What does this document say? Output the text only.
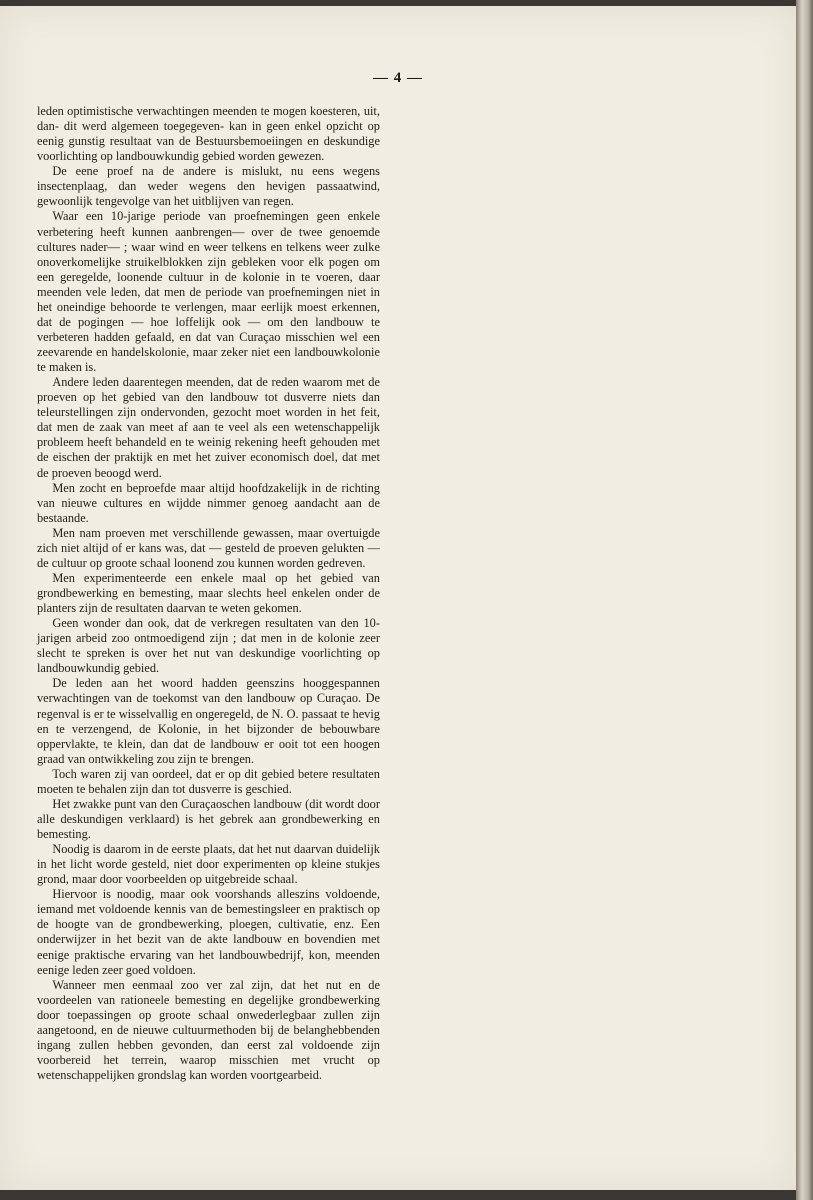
— 4 —

leden optimistische verwachtingen meenden te mogen koesteren, uit, dan- dit werd algemeen toegegeven- kan in geen enkel opzicht op eenig gunstig resultaat van de Bestuursbemoeiingen en deskundige voorlichting op landbouwkundig gebied worden gewezen.

De eene proef na de andere is mislukt, nu eens wegens insectenplaag, dan weder wegens den hevigen passaatwind, gewoonlijk tengevolge van het uitblijven van regen.

Waar een 10-jarige periode van proefnemingen geen enkele verbetering heeft kunnen aanbrengen— over de twee genoemde cultures nader— ; waar wind en weer telkens en telkens weer zulke onoverkomelijke struikelblokken zijn gebleken voor elk pogen om een geregelde, loonende cultuur in de kolonie in te voeren, daar meenden vele leden, dat men de periode van proefnemingen niet in het oneindige behoorde te verlengen, maar eerlijk moest erkennen, dat de pogingen — hoe loffelijk ook — om den landbouw te verbeteren hadden gefaald, en dat van Curaçao misschien wel een zeevarende en handelskolonie, maar zeker niet een landbouwkolonie te maken is.

Andere leden daarentegen meenden, dat de reden waarom met de proeven op het gebied van den landbouw tot dusverre niets dan teleurstellingen zijn ondervonden, gezocht moet worden in het feit, dat men de zaak van meet af aan te veel als een wetenschappelijk probleem heeft behandeld en te weinig rekening heeft gehouden met de eischen der praktijk en met het zuiver economisch doel, dat met de proeven beoogd werd.

Men zocht en beproefde maar altijd hoofdzakelijk in de richting van nieuwe cultures en wijdde nimmer genoeg aandacht aan de bestaande.

Men nam proeven met verschillende gewassen, maar overtuigde zich niet altijd of er kans was, dat — gesteld de proeven gelukten — de cultuur op groote schaal loonend zou kunnen worden gedreven.

Men experimenteerde een enkele maal op het gebied van grondbewerking en bemesting, maar slechts heel enkelen onder de planters zijn de resultaten daarvan te weten gekomen.

Geen wonder dan ook, dat de verkregen resultaten van den 10-jarigen arbeid zoo ontmoedigend zijn ; dat men in de kolonie zeer slecht te spreken is over het nut van deskundige voorlichting op landbouwkundig gebied.

De leden aan het woord hadden geenszins hooggespannen verwachtingen van de toekomst van den landbouw op Curaçao. De regenval is er te wisselvallig en ongeregeld, de N. O. passaat te hevig en te verzengend, de Kolonie, in het bijzonder de bebouwbare oppervlakte, te klein, dan dat de landbouw er ooit tot een hoogen graad van ontwikkeling zou zijn te brengen.

Toch waren zij van oordeel, dat er op dit gebied betere resultaten moeten te behalen zijn dan tot dusverre is geschied.

Het zwakke punt van den Curaçaoschen landbouw (dit wordt door alle deskundigen verklaard) is het gebrek aan grondbewerking en bemesting.

Noodig is daarom in de eerste plaats, dat het nut daarvan duidelijk in het licht worde gesteld, niet door experimenten op kleine stukjes grond, maar door voorbeelden op uitgebreide schaal.

Hiervoor is noodig, maar ook voorshands alleszins voldoende, iemand met voldoende kennis van de bemestingsleer en praktisch op de hoogte van de grondbewerking, ploegen, cultivatie, enz. Een onderwijzer in het bezit van de akte landbouw en bovendien met eenige praktische ervaring van het landbouwbedrijf, kon, meenden eenige leden zeer goed voldoen.

Wanneer men eenmaal zoo ver zal zijn, dat het nut en de voordeelen van rationeele bemesting en degelijke grondbewerking door toepassingen op groote schaal onwederlegbaar zullen zijn aangetoond, en de nieuwe cultuurmethoden bij de belanghebbenden ingang zullen hebben gevonden, dan eerst zal voldoende zijn voorbereid het terrein, waarop misschien met vrucht op wetenschappelijken grondslag kan worden voortgearbeid.
